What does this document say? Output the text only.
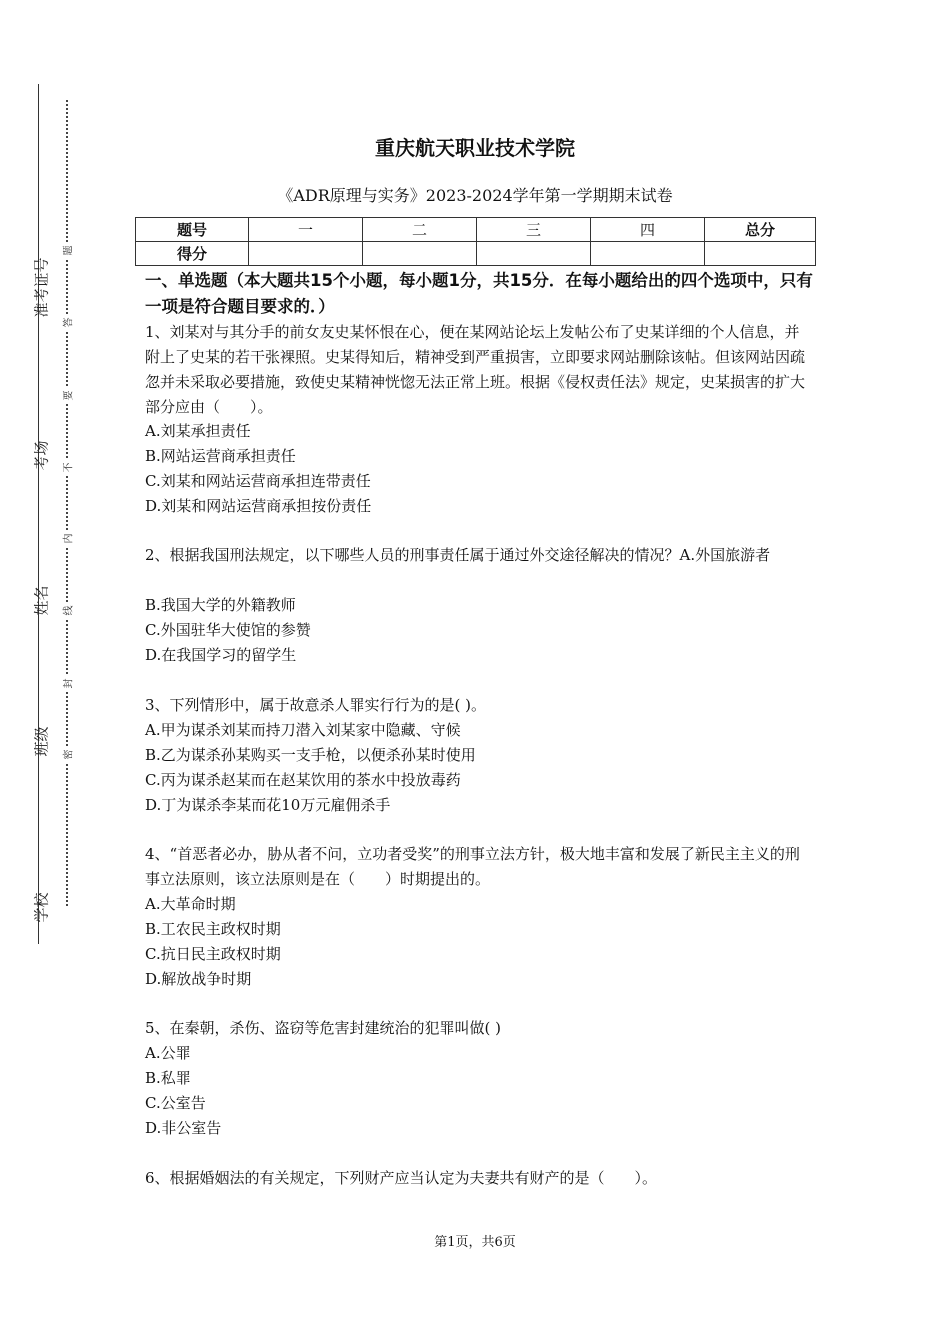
准考证号
考场
姓名
班级
学校
题
答
要
不
内
线
封
密
重庆航天职业技术学院
《ADR原理与实务》2023-2024学年第一学期期末试卷
题号	一	二	三	四	总分
得分					
一、单选题（本大题共15个小题，每小题1分，共15分．在每小题给出的四个选项中，只有一项是符合题目要求的．）
1、刘某对与其分手的前女友史某怀恨在心，便在某网站论坛上发帖公布了史某详细的个人信息，并附上了史某的若干张裸照。史某得知后，精神受到严重损害，立即要求网站删除该帖。但该网站因疏忽并未采取必要措施，致使史某精神恍惚无法正常上班。根据《侵权责任法》规定，史某损害的扩大部分应由（　　）。
A.刘某承担责任
B.网站运营商承担责任
C.刘某和网站运营商承担连带责任
D.刘某和网站运营商承担按份责任
2、根据我国刑法规定，以下哪些人员的刑事责任属于通过外交途径解决的情况？A.外国旅游者
B.我国大学的外籍教师
C.外国驻华大使馆的参赞
D.在我国学习的留学生
3、下列情形中，属于故意杀人罪实行行为的是( )。
A.甲为谋杀刘某而持刀潜入刘某家中隐藏、守候
B.乙为谋杀孙某购买一支手枪，以便杀孙某时使用
C.丙为谋杀赵某而在赵某饮用的茶水中投放毒药
D.丁为谋杀李某而花10万元雇佣杀手
4、“首恶者必办，胁从者不问，立功者受奖”的刑事立法方针，极大地丰富和发展了新民主主义的刑事立法原则，该立法原则是在（　　）时期提出的。
A.大革命时期
B.工农民主政权时期
C.抗日民主政权时期
D.解放战争时期
5、在秦朝，杀伤、盗窃等危害封建统治的犯罪叫做( )
A.公罪
B.私罪
C.公室告
D.非公室告
6、根据婚姻法的有关规定，下列财产应当认定为夫妻共有财产的是（　　）。
第1页，共6页
